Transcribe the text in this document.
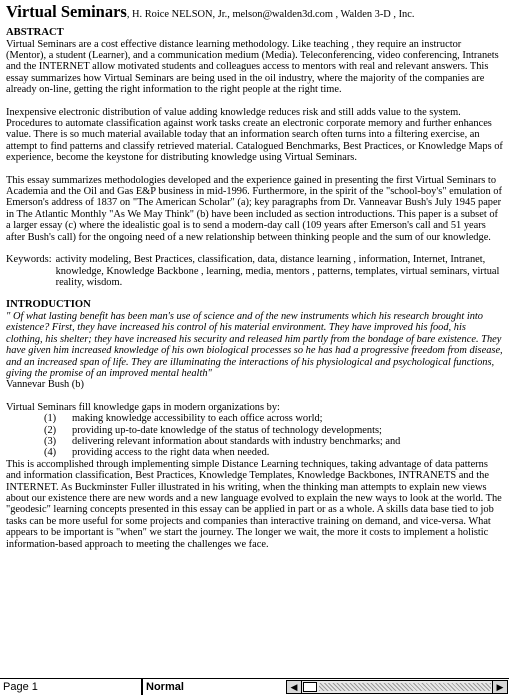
Virtual Seminars, H. Roice NELSON, Jr., melson@walden3d.com , Walden 3-D , Inc.
ABSTRACT

Virtual Seminars are a cost effective distance learning methodology. Like teaching , they require an instructor (Mentor), a student (Learner), and a communication medium (Media). Teleconferencing, video conferencing, Intranets and the INTERNET allow motivated students and colleagues access to mentors with real and relevant answers. This essay summarizes how Virtual Seminars are being used in the oil industry, where the majority of the companies are already on-line, getting the right information to the right people at the right time.

Inexpensive electronic distribution of value adding knowledge reduces risk and still adds value to the system. Procedures to automate classification against work tasks create an electronic corporate memory and further enhances value. There is so much material available today that an information search often turns into a filtering exercise, an attempt to find patterns and classify retrieved material. Catalogued Benchmarks, Best Practices, or Knowledge Maps of experience, become the keystone for distributing knowledge using Virtual Seminars.

This essay summarizes methodologies developed and the experience gained in presenting the first Virtual Seminars to Academia and the Oil and Gas E&P business in mid-1996. Furthermore, in the spirit of the "school-boy's" emulation of Emerson's address of 1837 on "The American Scholar" (a); key paragraphs from Dr. Vanneavar Bush's July 1945 paper in The Atlantic Monthly "As We May Think" (b) have been included as section introductions. This paper is a subset of a larger essay (c) where the idealistic goal is to send a modern-day call (109 years after Emerson's call and 51 years after Bush's call) for the ongoing need of a new relationship between thinking people and the sum of our knowledge.

Keywords: activity modeling, Best Practices, classification, data, distance learning , information, Internet, Intranet, knowledge, Knowledge Backbone , learning, media, mentors , patterns, templates, virtual seminars, virtual reality, wisdom.
INTRODUCTION

" Of what lasting benefit has been man's use of science and of the new instruments which his research brought into existence? First, they have increased his control of his material environment. They have improved his food, his clothing, his shelter; they have increased his security and released him partly from the bondage of bare existence. They have given him increased knowledge of his own biological processes so he has had a progressive freedom from disease, and an increased span of life. They are illuminating the interactions of his physiological and psychological functions, giving the promise of an improved mental health"

Vannevar Bush (b)

Virtual Seminars fill knowledge gaps in modern organizations by:

(1) making knowledge accessibility to each office across world;
(2) providing up-to-date knowledge of the status of technology developments;
(3) delivering relevant information about standards with industry benchmarks; and
(4) providing access to the right data when needed.

This is accomplished through implementing simple Distance Learning techniques, taking advantage of data patterns and information classification, Best Practices, Knowledge Templates, Knowledge Backbones, INTRANETS and the INTERNET. As Buckminster Fuller illustrated in his writing, when the thinking man attempts to explain new views about our existence there are new words and a new language evolved to explain the new ways to look at the world. The "geodesic" learning concepts presented in this essay can be applied in part or as a whole. A skills data base tied to job tasks can be more useful for some projects and companies than interactive training on demand, and vice-versa. What appears to be important is "when" we start the journey. The longer we wait, the more it costs to implement a holistic information-based approach to meeting the challenges we face.

Page 1	Normal	◀	▶
